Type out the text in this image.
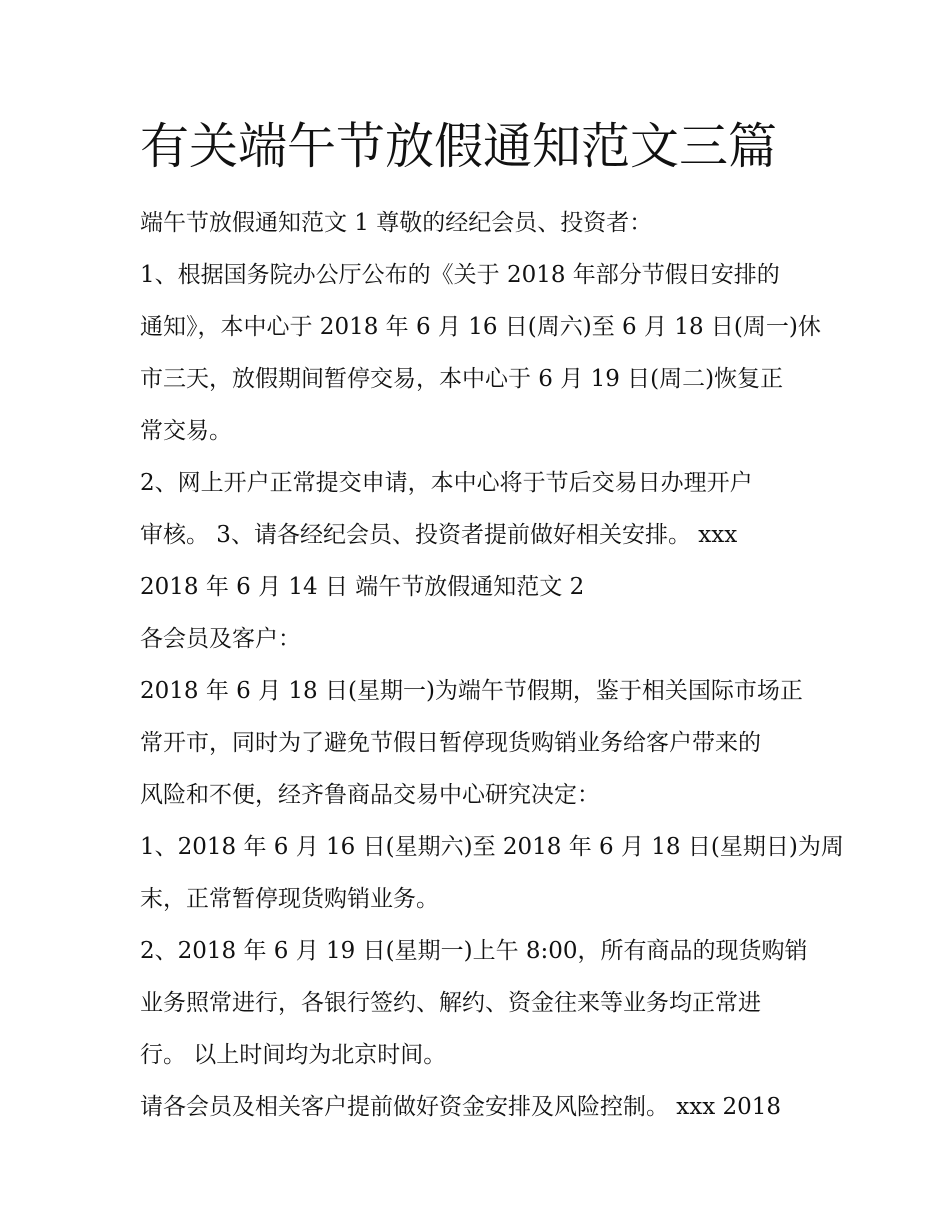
有关端午节放假通知范文三篇

端午节放假通知范文 1 尊敬的经纪会员、投资者：

1、根据国务院办公厅公布的《关于 2018 年部分节假日安排的

通知》，本中心于 2018 年 6 月 16 日(周六)至 6 月 18 日(周一)休

市三天，放假期间暂停交易，本中心于 6 月 19 日(周二)恢复正

常交易。

2、网上开户正常提交申请，本中心将于节后交易日办理开户

审核。 3、请各经纪会员、投资者提前做好相关安排。 xxx

2018 年 6 月 14 日 端午节放假通知范文 2

各会员及客户：

2018 年 6 月 18 日(星期一)为端午节假期，鉴于相关国际市场正

常开市，同时为了避免节假日暂停现货购销业务给客户带来的

风险和不便，经齐鲁商品交易中心研究决定：

1、2018 年 6 月 16 日(星期六)至 2018 年 6 月 18 日(星期日)为周

末，正常暂停现货购销业务。

2、2018 年 6 月 19 日(星期一)上午 8:00，所有商品的现货购销

业务照常进行，各银行签约、解约、资金往来等业务均正常进

行。 以上时间均为北京时间。

请各会员及相关客户提前做好资金安排及风险控制。 xxx 2018
